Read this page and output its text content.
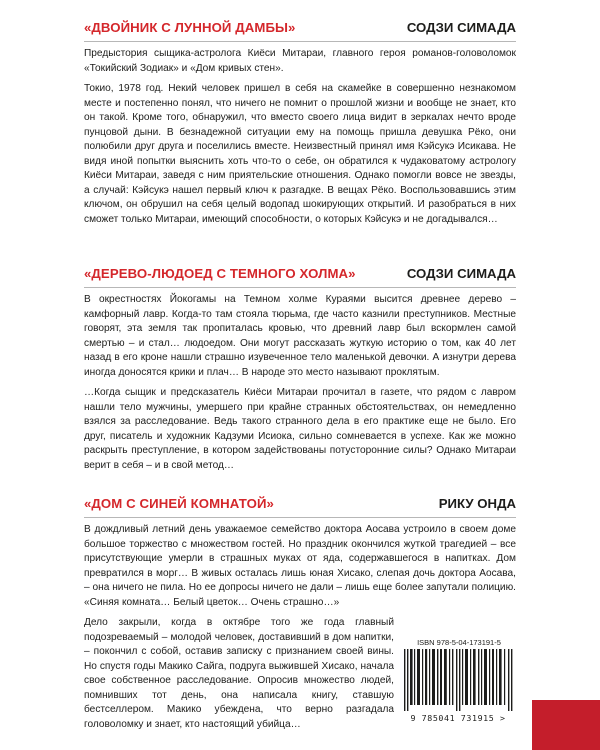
«ДВОЙНИК С ЛУННОЙ ДАМБЫ»	СОДЗИ СИМАДА

Предыстория сыщика-астролога Киёси Митараи, главного героя романов-головоломок «Токийский Зодиак» и «Дом кривых стен».

Токио, 1978 год. Некий человек пришел в себя на скамейке в совершенно незнакомом месте и постепенно понял, что ничего не помнит о прошлой жизни и вообще не знает, кто он такой. Кроме того, обнаружил, что вместо своего лица видит в зеркалах нечто вроде пунцовой дыни. В безнадежной ситуации ему на помощь пришла девушка Рёко, они полюбили друг друга и поселились вместе. Неизвестный принял имя Кэйсукэ Исикава. Не видя иной попытки выяснить хоть что-то о себе, он обратился к чудаковатому астрологу Киёси Митараи, заведя с ним приятельские отношения. Однако помогли вовсе не звезды, а случай: Кэйсукэ нашел первый ключ к разгадке. В вещах Рёко. Воспользовавшись этим ключом, он обрушил на себя целый водопад шокирующих открытий. И разобраться в них сможет только Митараи, имеющий способности, о которых Кэйсукэ и не догадывался…

«ДЕРЕВО-ЛЮДОЕД С ТЕМНОГО ХОЛМА»	СОДЗИ СИМАДА

В окрестностях Йокогамы на Темном холме Кураями высится древнее дерево – камфорный лавр. Когда-то там стояла тюрьма, где часто казнили преступников. Местные говорят, эта земля так пропиталась кровью, что древний лавр был вскормлен самой смертью – и стал… людоедом. Они могут рассказать жуткую историю о том, как 40 лет назад в его кроне нашли страшно изувеченное тело маленькой девочки. А изнутри дерева иногда доносятся крики и плач… В народе это место называют проклятым.

…Когда сыщик и предсказатель Киёси Митараи прочитал в газете, что рядом с лавром нашли тело мужчины, умершего при крайне странных обстоятельствах, он немедленно взялся за расследование. Ведь такого странного дела в его практике еще не было. Его друг, писатель и художник Кадзуми Исиока, сильно сомневается в успехе. Как же можно раскрыть преступление, в котором задействованы потусторонние силы? Однако Митараи верит в себя – и в свой метод…

«ДОМ С СИНЕЙ КОМНАТОЙ»	РИКУ ОНДА

В дождливый летний день уважаемое семейство доктора Аосава устроило в своем доме большое торжество с множеством гостей. Но праздник окончился жуткой трагедией – все присутствующие умерли в страшных муках от яда, содержавшегося в напитках. Дом превратился в морг… В живых осталась лишь юная Хисако, слепая дочь доктора Аосава, – она ничего не пила. Но ее допросы ничего не дали – лишь еще более запутали полицию. «Синяя комната… Белый цветок… Очень страшно…»

Дело закрыли, когда в октябре того же года главный подозреваемый – молодой человек, доставивший в дом напитки, – покончил с собой, оставив записку с признанием своей вины. Но спустя годы Макико Сайга, подруга выжившей Хисако, начала свое собственное расследование. Опросив множество людей, помнивших тот день, она написала книгу, ставшую бестселлером. Макико убеждена, что верно разгадала головоломку и знает, кто настоящий убийца…

ISBN 978-5-04-173191-5
9 785041 731915 >
